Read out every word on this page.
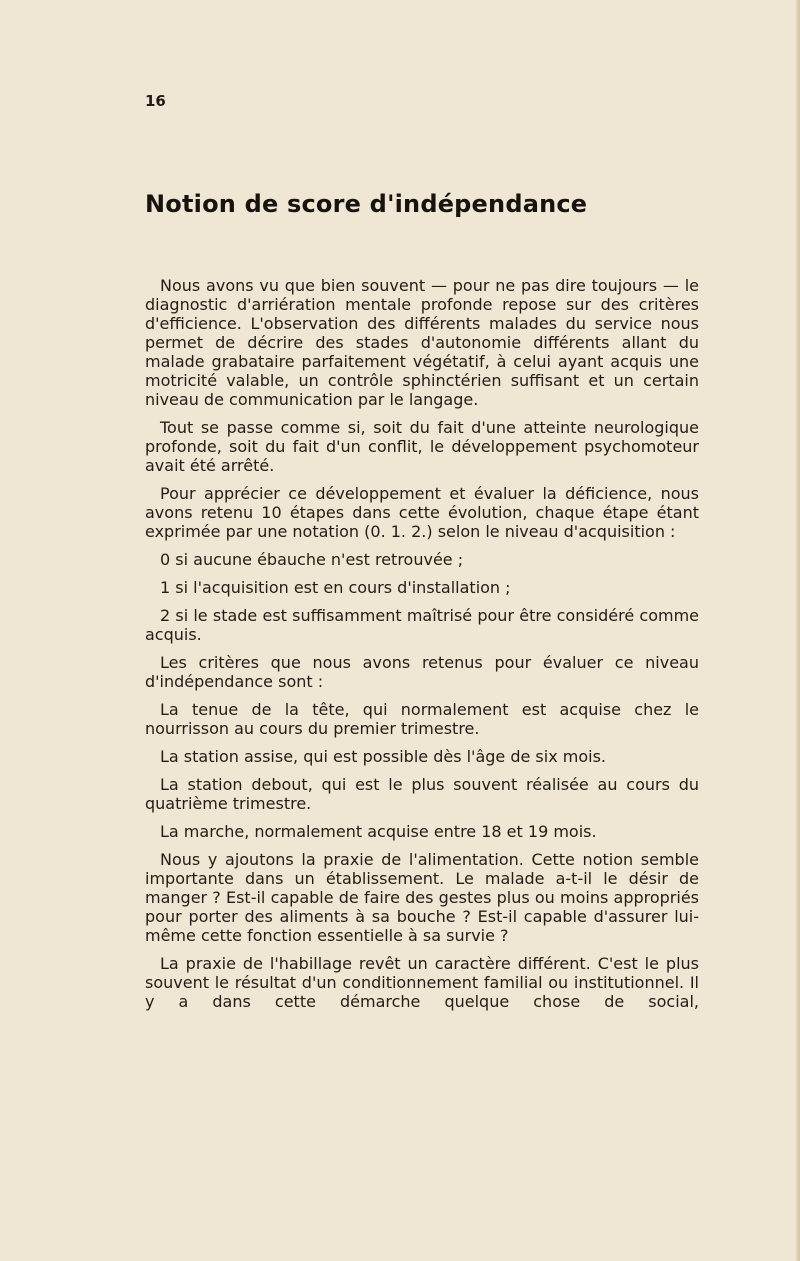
16
Notion de score d'indépendance

Nous avons vu que bien souvent — pour ne pas dire toujours — le diagnostic d'arriération mentale profonde repose sur des critères d'efficience. L'observation des différents malades du service nous permet de décrire des stades d'autonomie différents allant du malade grabataire parfaitement végétatif, à celui ayant acquis une motricité valable, un contrôle sphinctérien suffisant et un certain niveau de communication par le langage.

Tout se passe comme si, soit du fait d'une atteinte neurologique profonde, soit du fait d'un conflit, le développement psychomoteur avait été arrêté.

Pour apprécier ce développement et évaluer la déficience, nous avons retenu 10 étapes dans cette évolution, chaque étape étant exprimée par une notation (0. 1. 2.) selon le niveau d'acquisition :

0 si aucune ébauche n'est retrouvée ;

1 si l'acquisition est en cours d'installation ;

2 si le stade est suffisamment maîtrisé pour être considéré comme acquis.

Les critères que nous avons retenus pour évaluer ce niveau d'indépendance sont :

La tenue de la tête, qui normalement est acquise chez le nourrisson au cours du premier trimestre.

La station assise, qui est possible dès l'âge de six mois.

La station debout, qui est le plus souvent réalisée au cours du quatrième trimestre.

La marche, normalement acquise entre 18 et 19 mois.

Nous y ajoutons la praxie de l'alimentation. Cette notion semble importante dans un établissement. Le malade a-t-il le désir de manger ? Est-il capable de faire des gestes plus ou moins appropriés pour porter des aliments à sa bouche ? Est-il capable d'assurer lui-même cette fonction essentielle à sa survie ?

La praxie de l'habillage revêt un caractère différent. C'est le plus souvent le résultat d'un conditionnement familial ou institutionnel. Il y a dans cette démarche quelque chose de social,
